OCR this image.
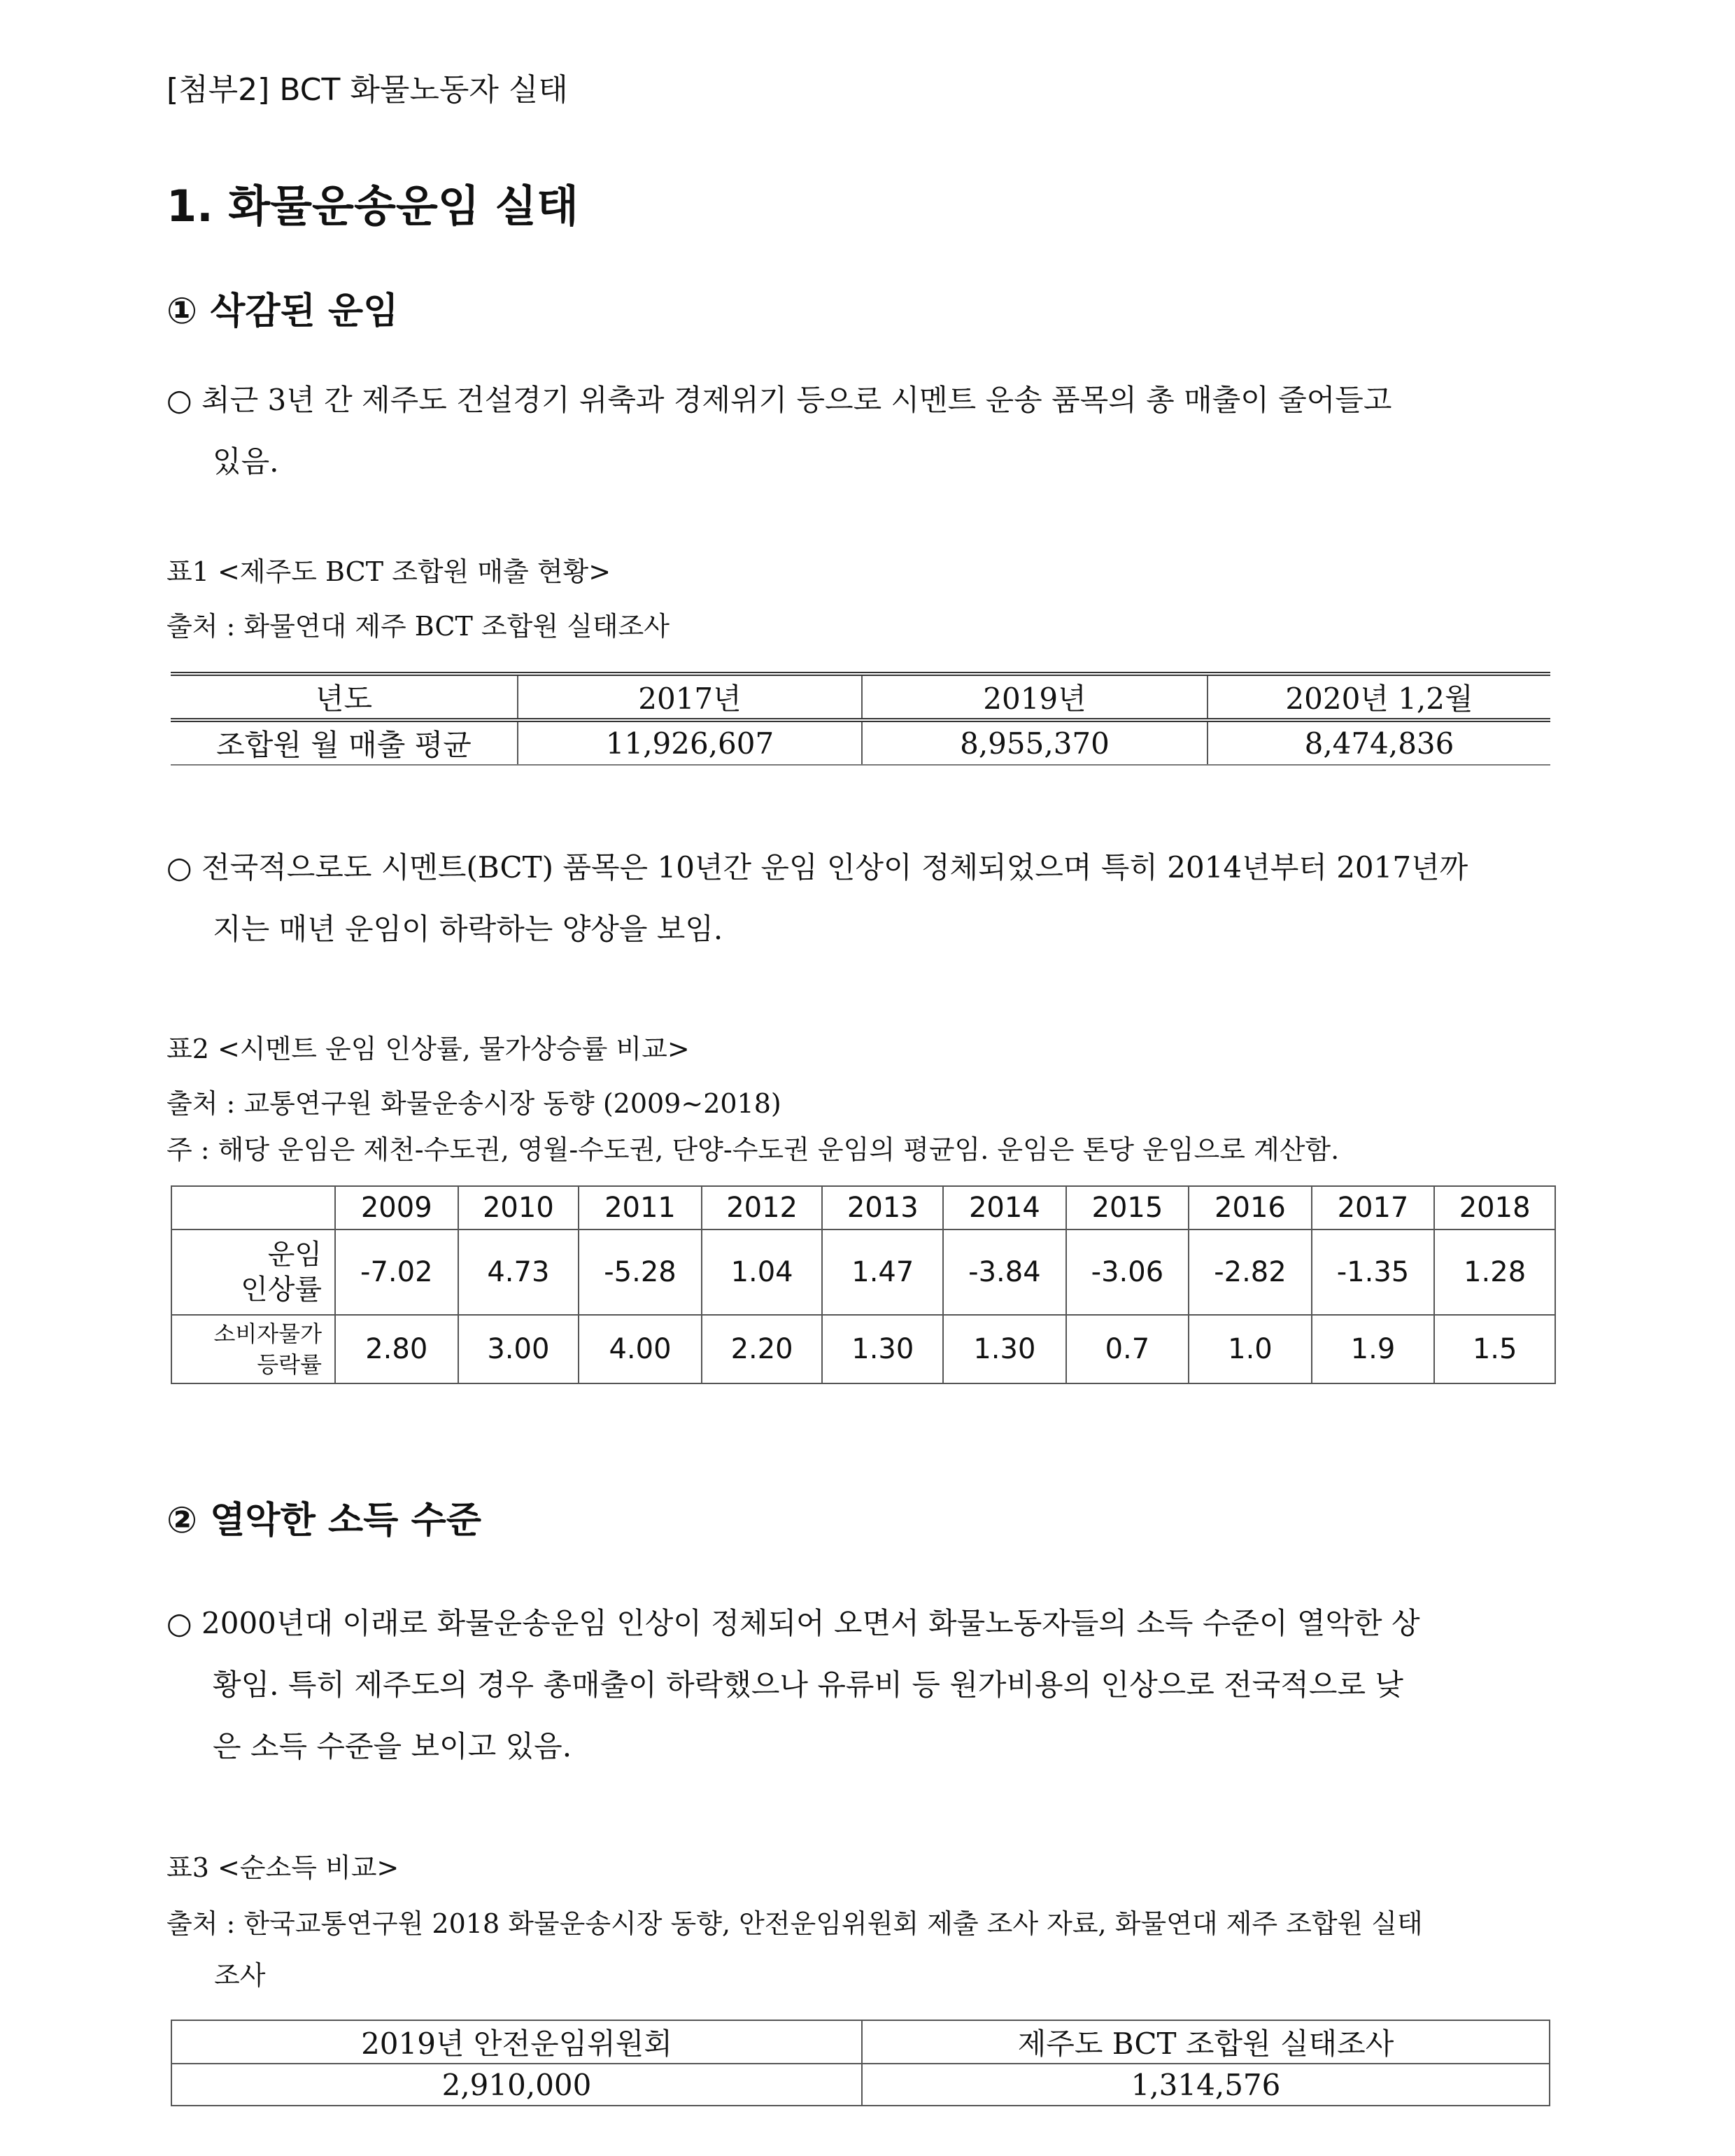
[첨부2] BCT 화물노동자 실태
1. 화물운송운임 실태
① 삭감된 운임
○ 최근 3년 간 제주도 건설경기 위축과 경제위기 등으로 시멘트 운송 품목의 총 매출이 줄어들고
있음.
표1 <제주도 BCT 조합원 매출 현황>
출처 : 화물연대 제주 BCT 조합원 실태조사
년도	2017년	2019년	2020년 1,2월
조합원 월 매출 평균	11,926,607	8,955,370	8,474,836
○ 전국적으로도 시멘트(BCT) 품목은 10년간 운임 인상이 정체되었으며 특히 2014년부터 2017년까
지는 매년 운임이 하락하는 양상을 보임.
표2 <시멘트 운임 인상률, 물가상승률 비교>
출처 : 교통연구원 화물운송시장 동향 (2009~2018)
주 : 해당 운임은 제천-수도권, 영월-수도권, 단양-수도권 운임의 평균임. 운임은 톤당 운임으로 계산함.
	2009	2010	2011	2012	2013	2014	2015	2016	2017	2018
운임
인상률	-7.02	4.73	-5.28	1.04	1.47	-3.84	-3.06	-2.82	-1.35	1.28
소비자물가
등락률	2.80	3.00	4.00	2.20	1.30	1.30	0.7	1.0	1.9	1.5
② 열악한 소득 수준
○ 2000년대 이래로 화물운송운임 인상이 정체되어 오면서 화물노동자들의 소득 수준이 열악한 상
황임. 특히 제주도의 경우 총매출이 하락했으나 유류비 등 원가비용의 인상으로 전국적으로 낮
은 소득 수준을 보이고 있음.
표3 <순소득 비교>
출처 : 한국교통연구원 2018 화물운송시장 동향, 안전운임위원회 제출 조사 자료, 화물연대 제주 조합원 실태
조사
2019년 안전운임위원회	제주도 BCT 조합원 실태조사
2,910,000	1,314,576
